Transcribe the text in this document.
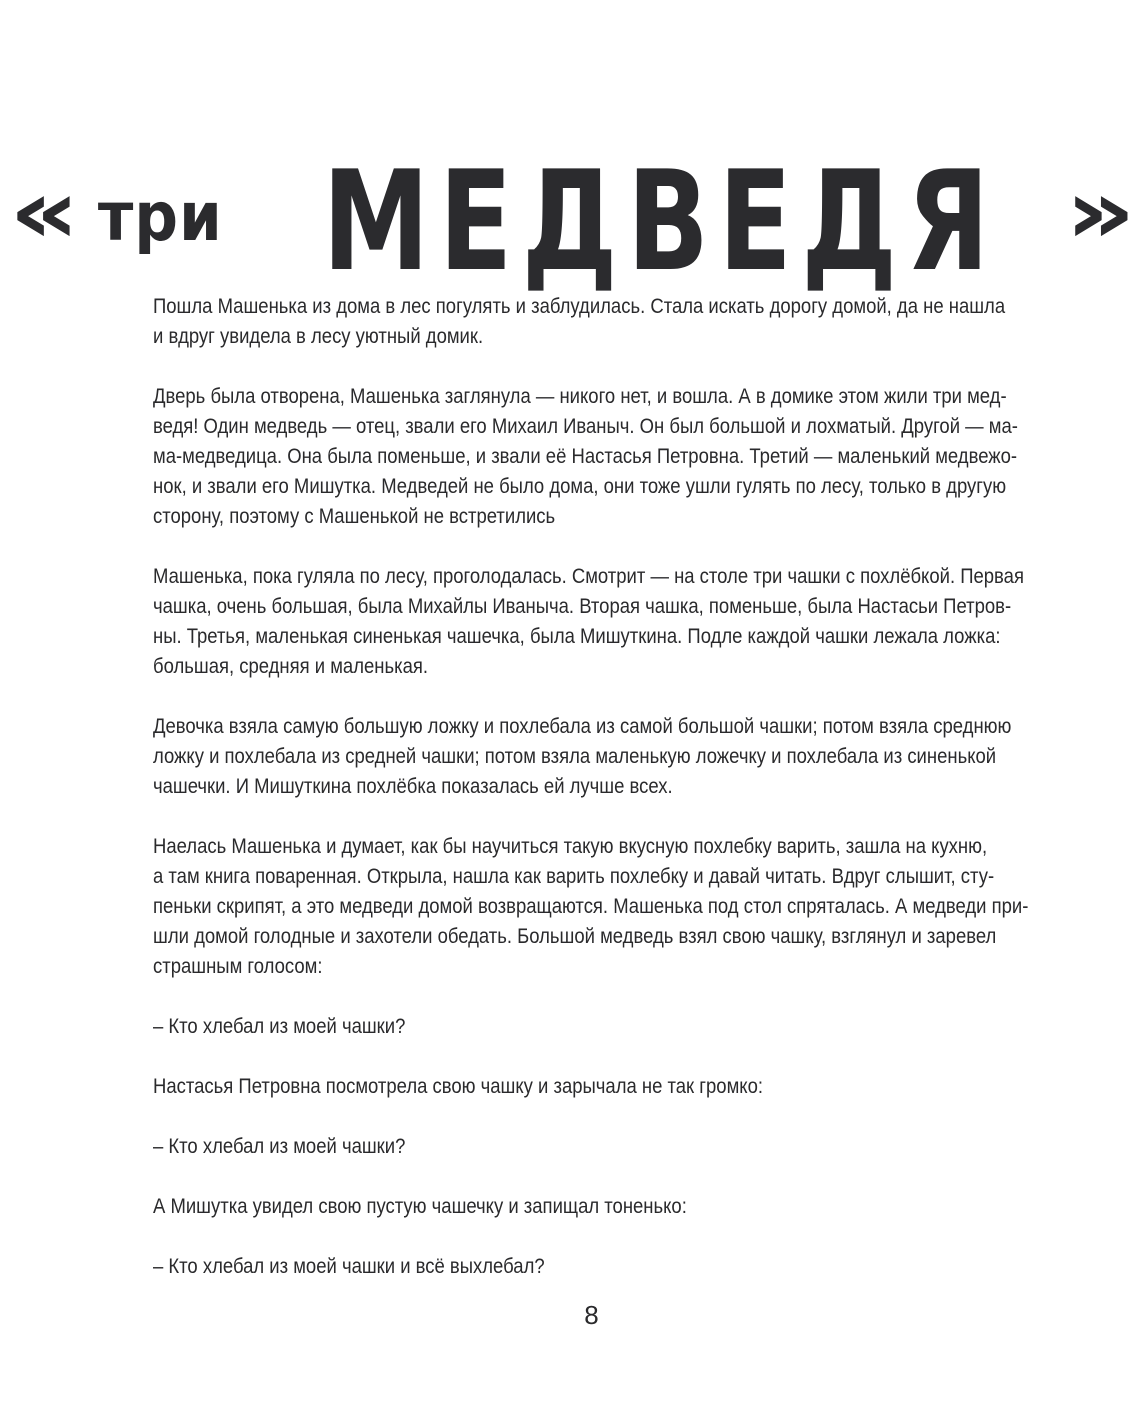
« три МЕДВЕДЯ »

Пошла Машенька из дома в лес погулять и заблудилась. Стала искать дорогу домой, да не нашла
и вдруг увидела в лесу уютный домик.

Дверь была отворена, Машенька заглянула — никого нет, и вошла. А в домике этом жили три мед-
ведя! Один медведь — отец, звали его Михаил Иваныч. Он был большой и лохматый. Другой — ма-
ма-медведица. Она была поменьше, и звали её Настасья Петровна. Третий — маленький медвежо-
нок, и звали его Мишутка. Медведей не было дома, они тоже ушли гулять по лесу, только в другую
сторону, поэтому с Машенькой не встретились

Машенька, пока гуляла по лесу, проголодалась. Смотрит — на столе три чашки с похлёбкой. Первая
чашка, очень большая, была Михайлы Иваныча. Вторая чашка, поменьше, была Настасьи Петров-
ны. Третья, маленькая синенькая чашечка, была Мишуткина. Подле каждой чашки лежала ложка:
большая, средняя и маленькая.

Девочка взяла самую большую ложку и похлебала из самой большой чашки; потом взяла среднюю
ложку и похлебала из средней чашки; потом взяла маленькую ложечку и похлебала из синенькой
чашечки. И Мишуткина похлёбка показалась ей лучше всех.

Наелась Машенька и думает, как бы научиться такую вкусную похлебку варить, зашла на кухню,
а там книга поваренная. Открыла, нашла как варить похлебку и давай читать. Вдруг слышит, сту-
пеньки скрипят, а это медведи домой возвращаются. Машенька под стол спряталась. А медведи при-
шли домой голодные и захотели обедать. Большой медведь взял свою чашку, взглянул и заревел
страшным голосом:

– Кто хлебал из моей чашки?

Настасья Петровна посмотрела свою чашку и зарычала не так громко:

– Кто хлебал из моей чашки?

А Мишутка увидел свою пустую чашечку и запищал тоненько:

– Кто хлебал из моей чашки и всё выхлебал?

8
